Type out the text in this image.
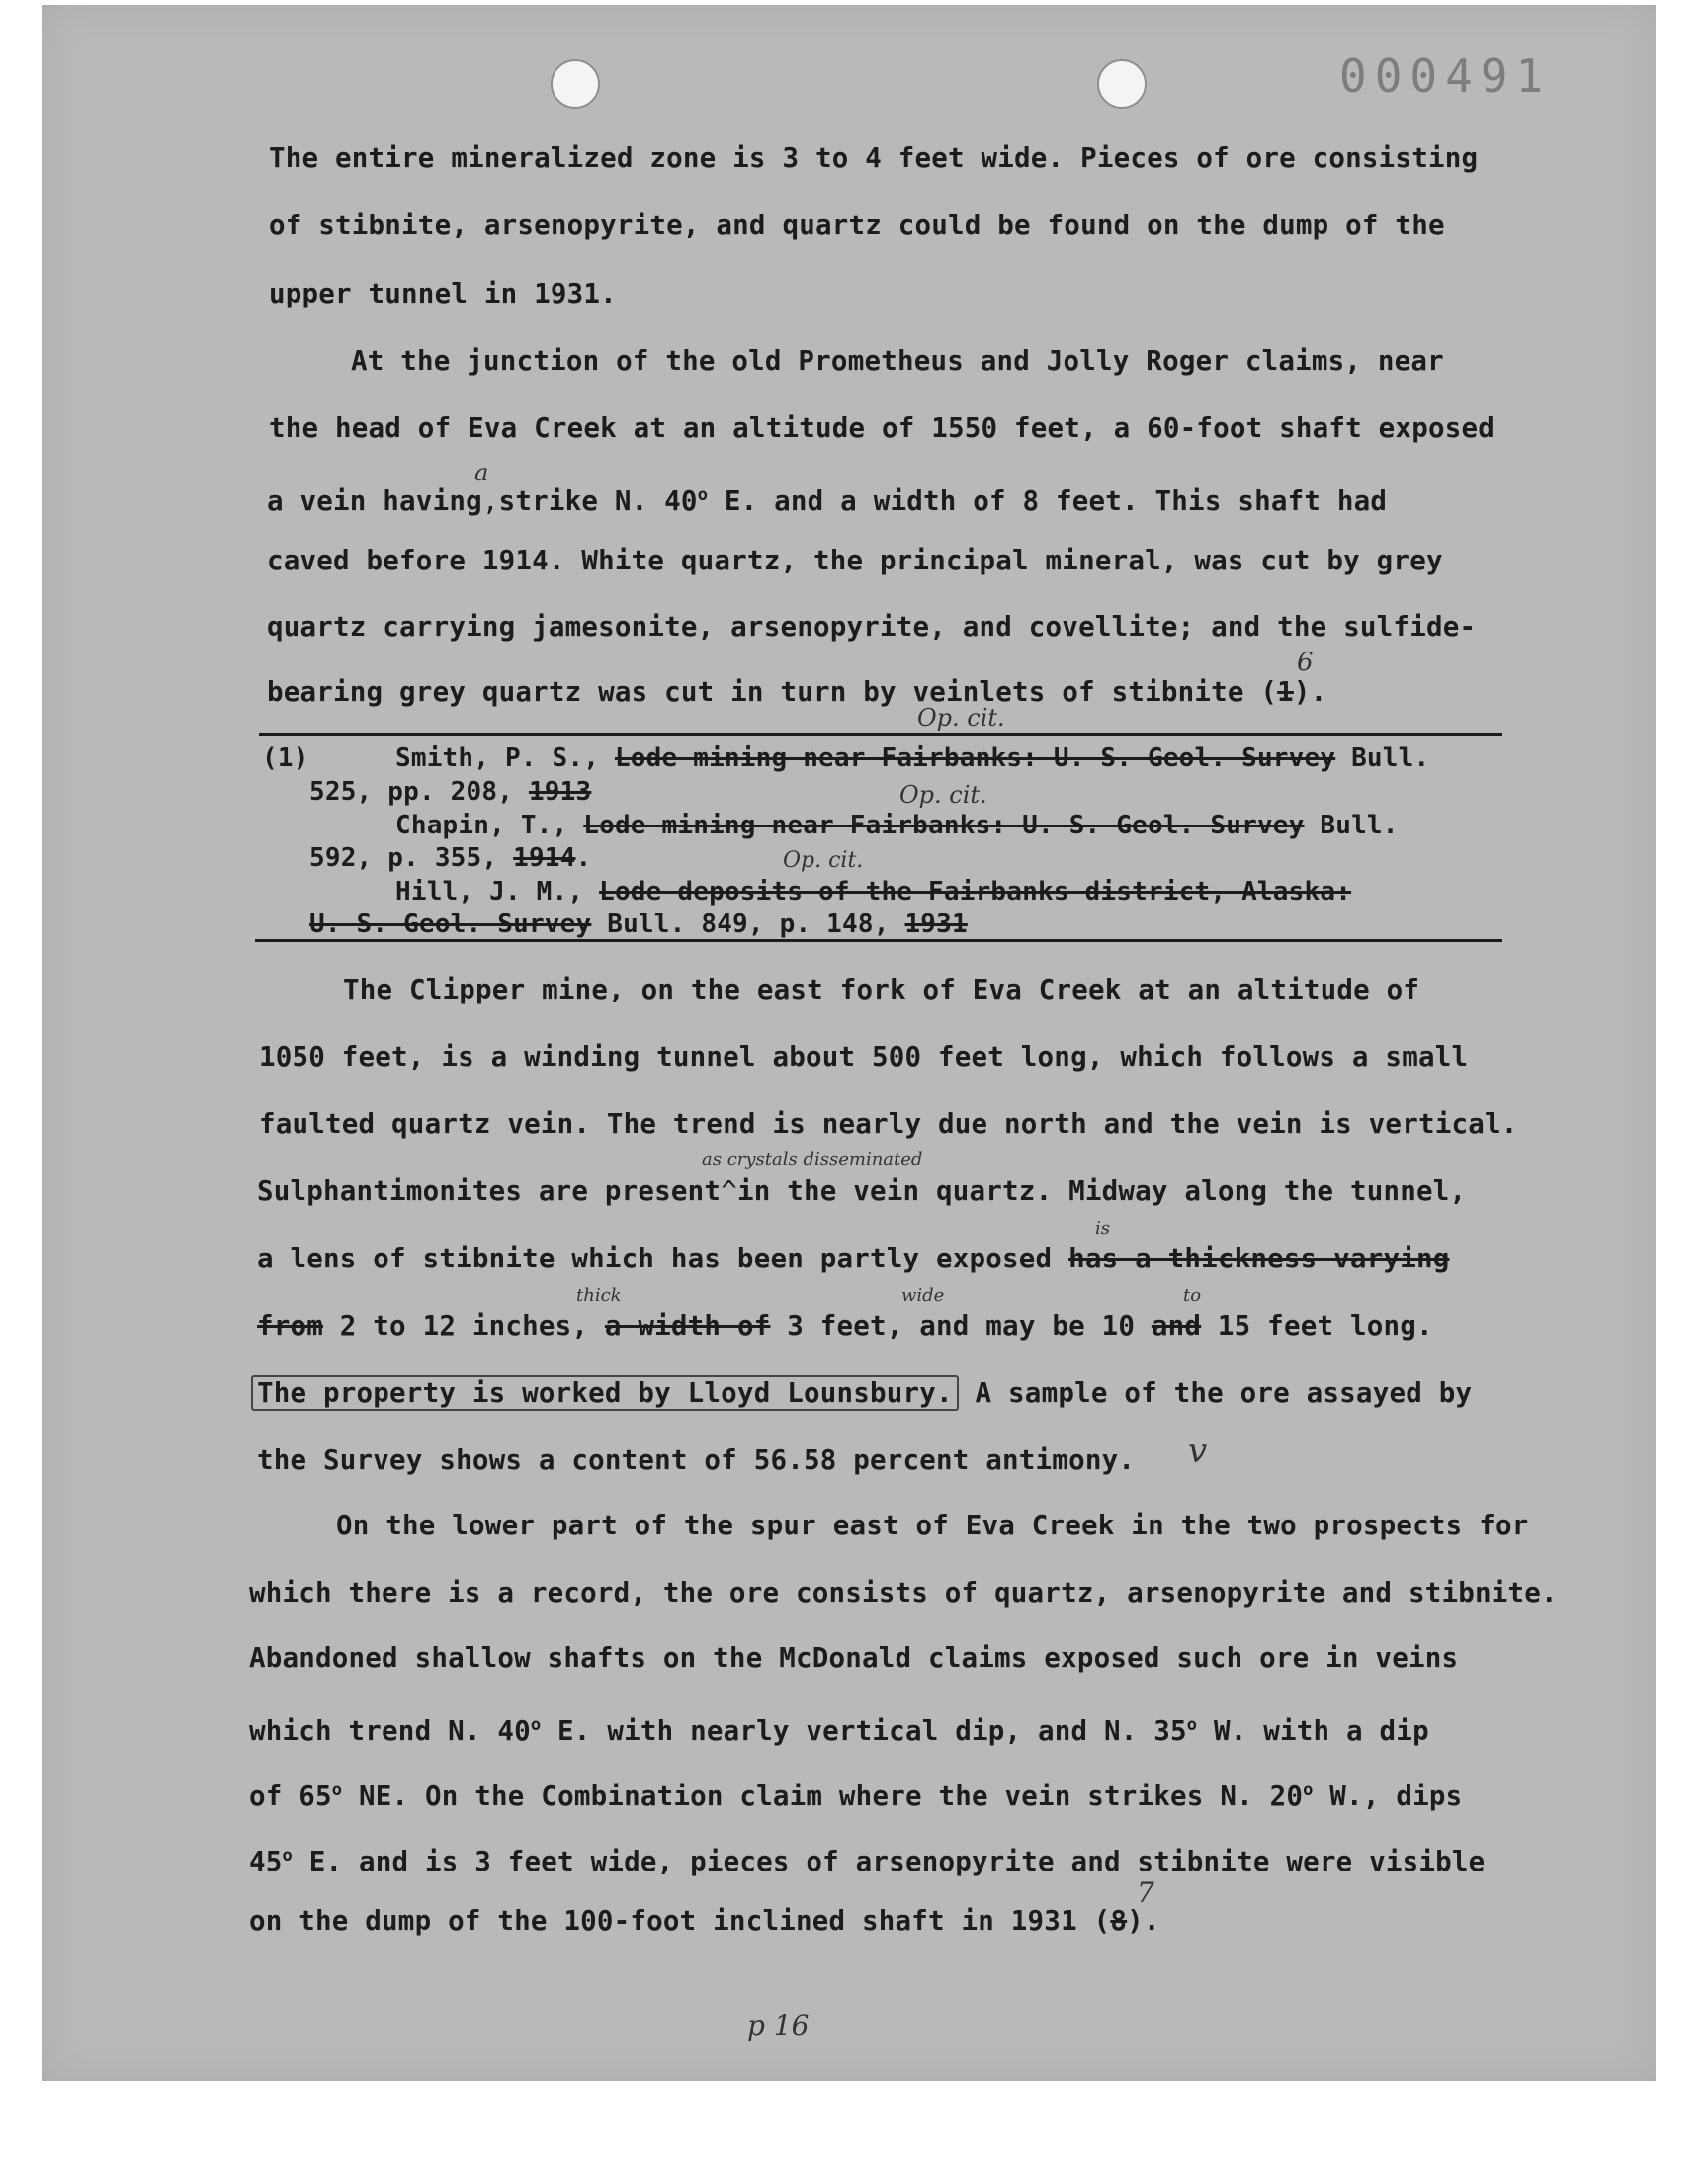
000491
The entire mineralized zone is 3 to 4 feet wide. Pieces of ore consisting
of stibnite, arsenopyrite, and quartz could be found on the dump of the
upper tunnel in 1931.
At the junction of the old Prometheus and Jolly Roger claims, near
the head of Eva Creek at an altitude of 1550 feet, a 60-foot shaft exposed
a vein having,strike N. 40$^o$ E. and a width of 8 feet. This shaft had
a
caved before 1914. White quartz, the principal mineral, was cut by grey
quartz carrying jamesonite, arsenopyrite, and covellite; and the sulfide-
bearing grey quartz was cut in turn by veinlets of stibnite (1).
6
Op. cit.
(1)	Smith, P. S., Lode mining near Fairbanks: U. S. Geol. Survey Bull.
525, pp. 208, 1913	Op. cit.
Chapin, T., Lode mining near Fairbanks: U. S. Geol. Survey Bull.
592, p. 355, 1914.	Op. cit.
Hill, J. M., Lode deposits of the Fairbanks district, Alaska:
U. S. Geol. Survey Bull. 849, p. 148, 1931
The Clipper mine, on the east fork of Eva Creek at an altitude of
1050 feet, is a winding tunnel about 500 feet long, which follows a small
faulted quartz vein. The trend is nearly due north and the vein is vertical.
as crystals disseminated
Sulphantimonites are present^in the vein quartz. Midway along the tunnel,
is
a lens of stibnite which has been partly exposed has a thickness varying
thick	wide	to
from 2 to 12 inches, a width of 3 feet, and may be 10 and 15 feet long.
The property is worked by Lloyd Lounsbury. A sample of the ore assayed by
the Survey shows a content of 56.58 percent antimony. v
On the lower part of the spur east of Eva Creek in the two prospects for
which there is a record, the ore consists of quartz, arsenopyrite and stibnite.
Abandoned shallow shafts on the McDonald claims exposed such ore in veins
which trend N. 40$^o$ E. with nearly vertical dip, and N. 35$^o$ W. with a dip
of 65$^o$ NE. On the Combination claim where the vein strikes N. 20$^o$ W., dips
45$^o$ E. and is 3 feet wide, pieces of arsenopyrite and stibnite were visible
on the dump of the 100-foot inclined shaft in 1931 (8).
7
p 16
